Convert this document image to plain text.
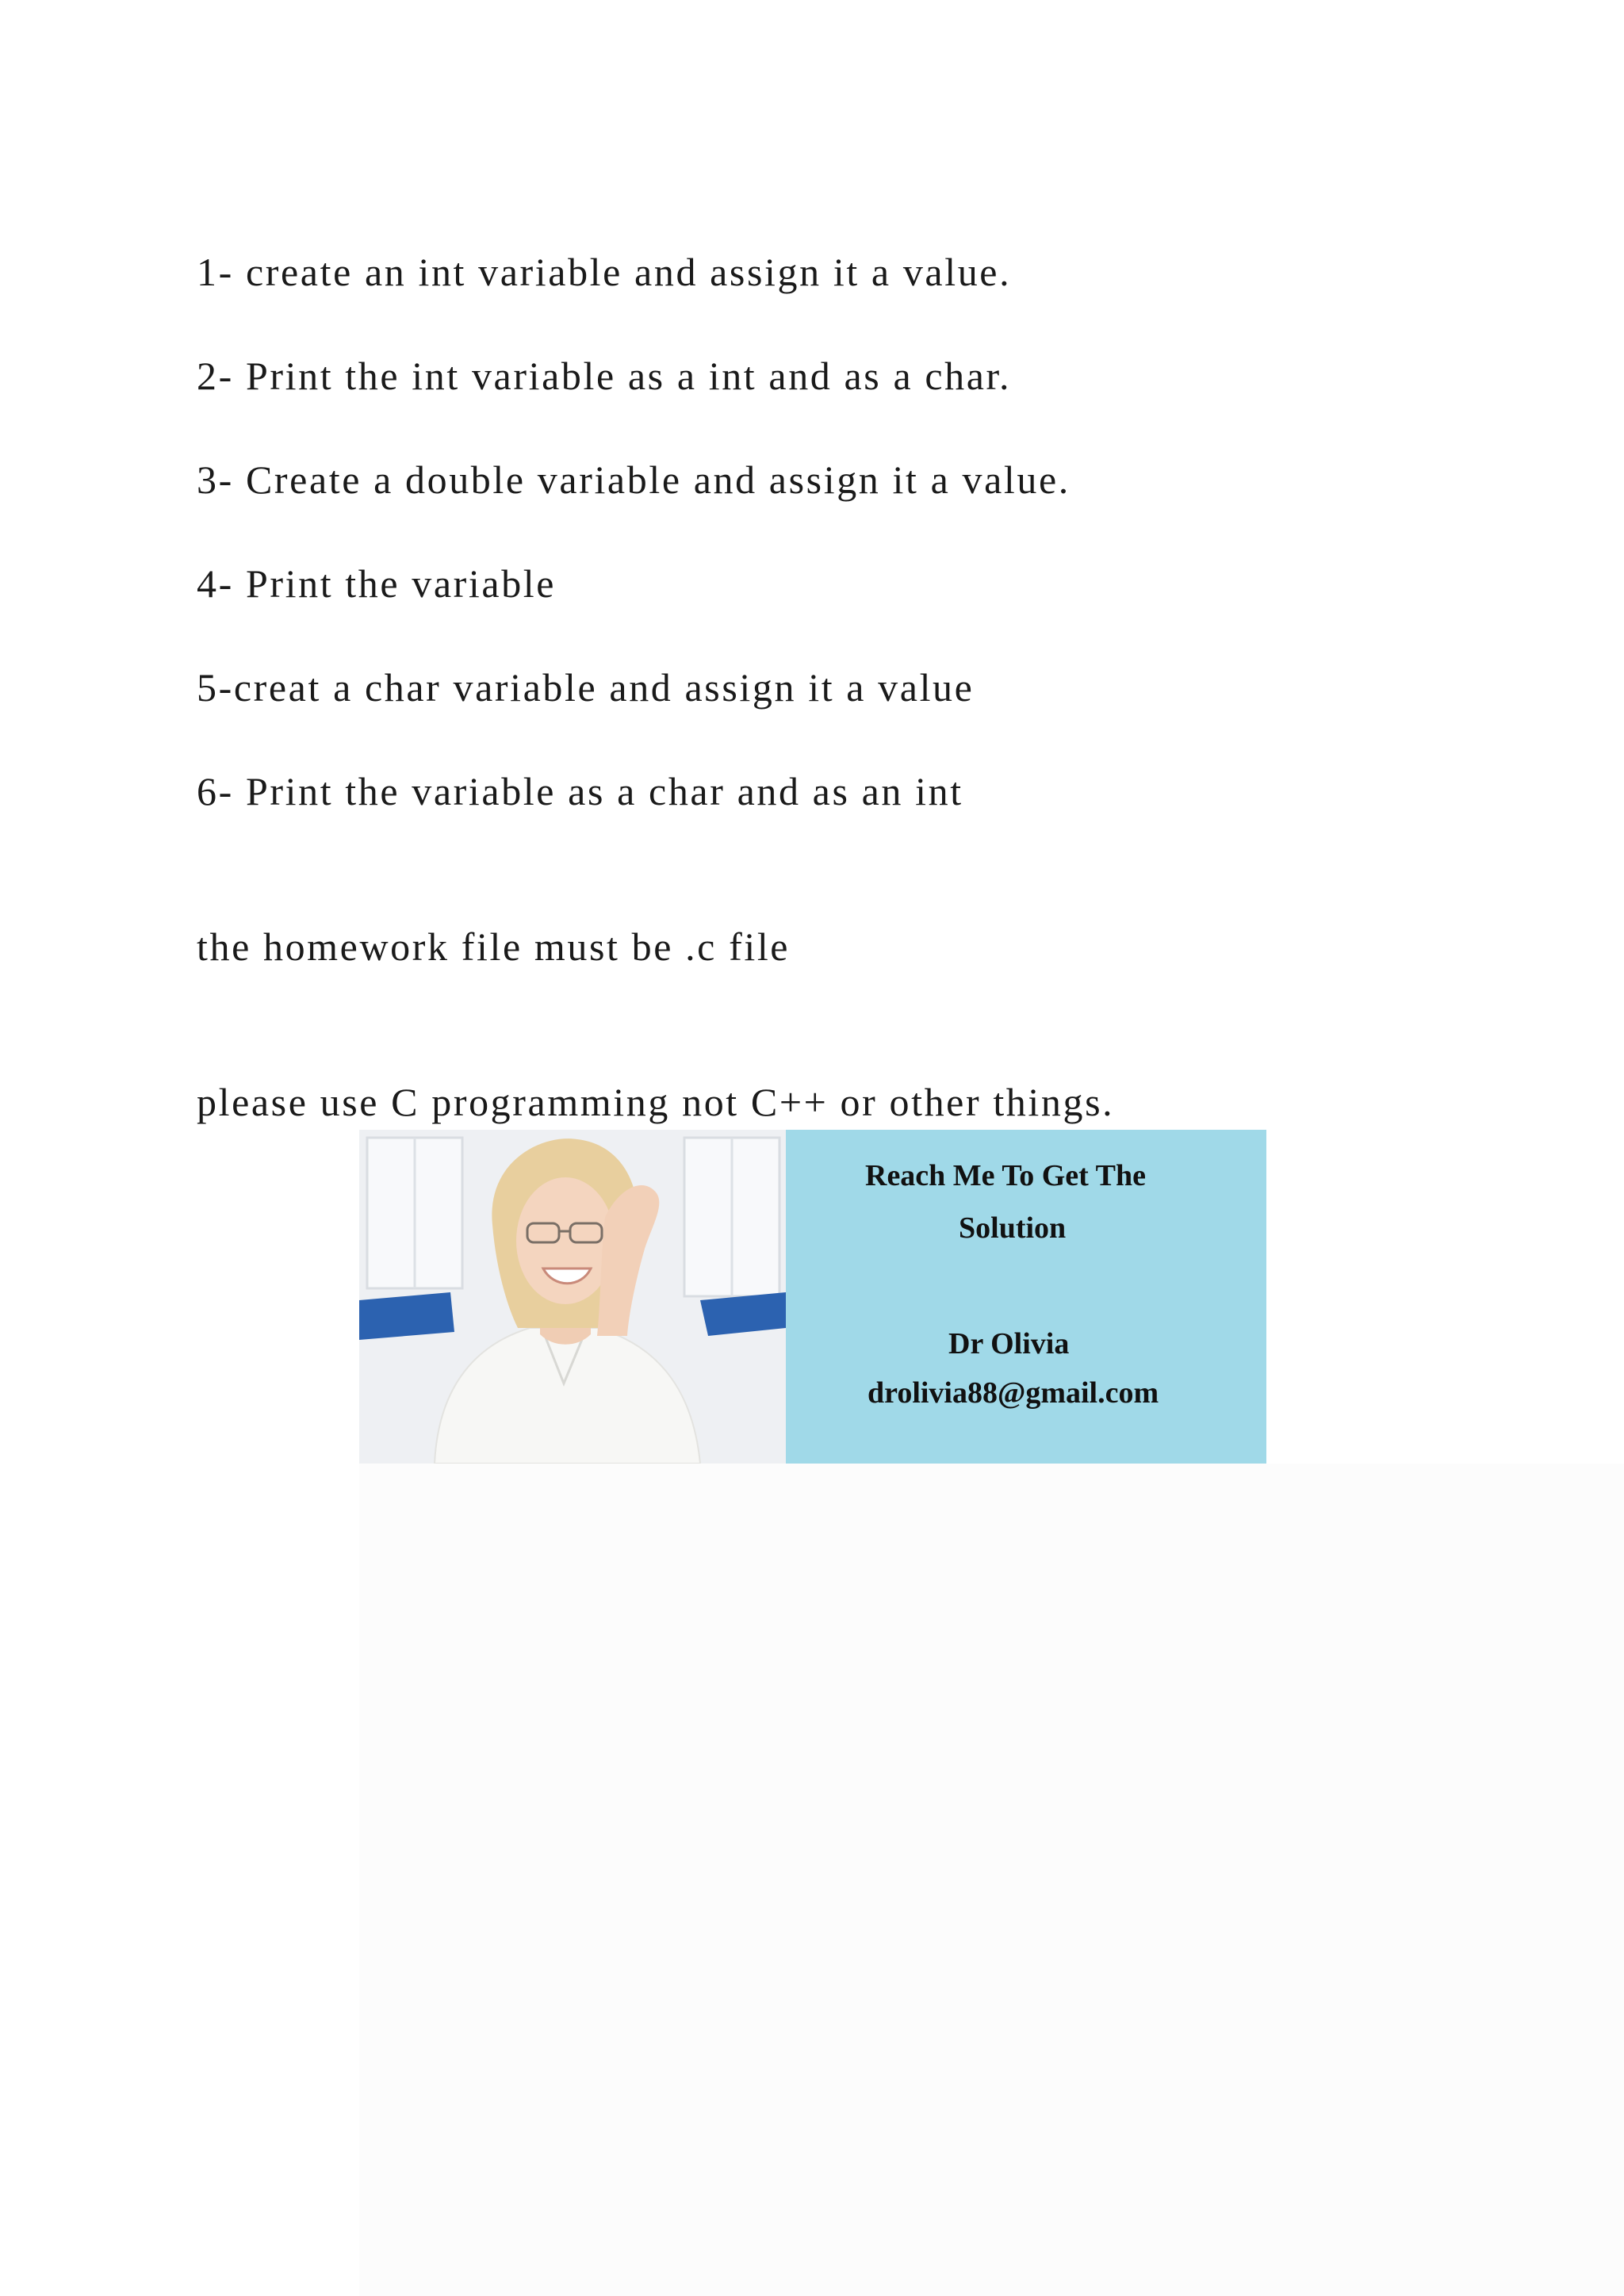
1- create an int variable and assign it a value.
2- Print the int variable as a int and as a char.
3- Create a double variable and assign it a value.
4- Print the variable
5-creat a char variable and assign it a value
6- Print the variable as a char and as an int
the homework file must be .c file
please use C programming not C++ or other things.
Reach Me To Get The
Solution
Dr Olivia
drolivia88@gmail.com
